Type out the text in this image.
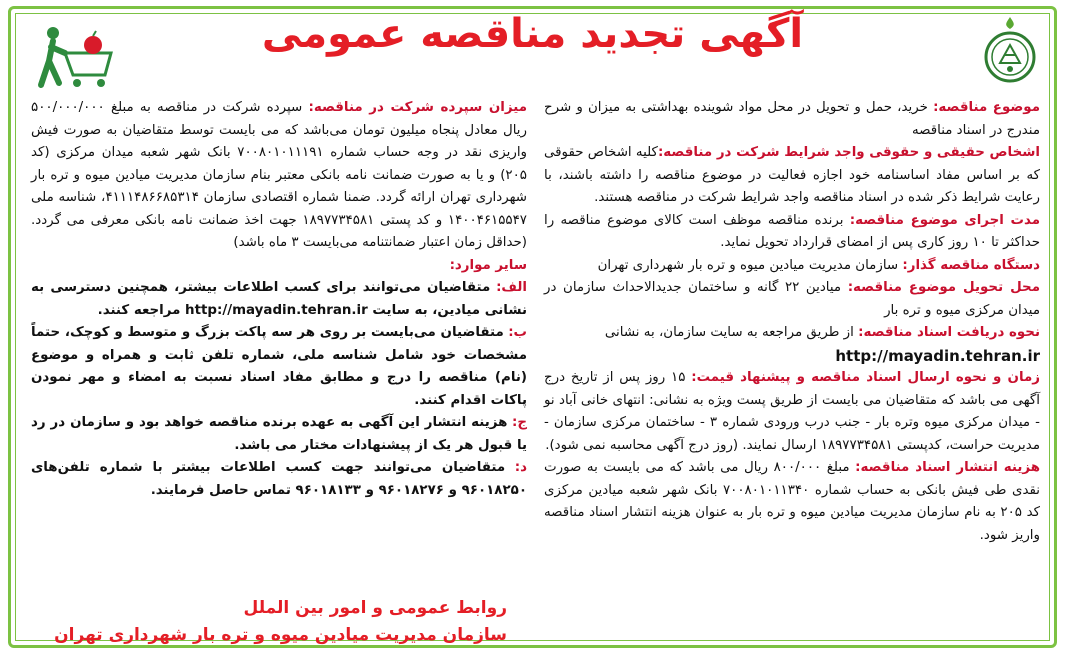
آگهی تجدید مناقصه عمومی

موضوع مناقصه: خرید، حمل و تحویل در محل مواد شوینده بهداشتی به میزان و شرح مندرج در اسناد مناقصه

اشخاص حقیقی و حقوقی واجد شرایط شرکت در مناقصه:کلیه اشخاص حقوقی که بر اساس مفاد اساسنامه خود اجازه فعالیت در موضوع مناقصه را داشته باشند، با رعایت شرایط ذکر شده در اسناد مناقصه واجد شرایط شرکت در مناقصه هستند.

مدت اجرای موضوع مناقصه: برنده مناقصه موظف است کالای موضوع مناقصه را حداکثر تا ۱۰ روز کاری پس از امضای قرارداد تحویل نماید.

دستگاه مناقصه گذار: سازمان مدیریت میادین میوه و تره بار شهرداری تهران

محل تحویل موضوع مناقصه: میادین ۲۲ گانه و ساختمان جدیدالاحداث سازمان در میدان مرکزی میوه و تره بار

نحوه دریافت اسناد مناقصه: از طریق مراجعه به سایت سازمان، به نشانی

http://mayadin.tehran.ir

زمان و نحوه ارسال اسناد مناقصه و پیشنهاد قیمت: ۱۵ روز پس از تاریخ درج آگهی می باشد که متقاضیان می بایست از طریق پست ویژه به نشانی: انتهای خانی آباد نو - میدان مرکزی میوه وتره بار - جنب درب ورودی شماره ۳ - ساختمان مرکزی سازمان - مدیریت حراست، کدپستی ۱۸۹۷۷۳۴۵۸۱ ارسال نمایند. (روز درج آگهی محاسبه نمی شود).

هزینه انتشار اسناد مناقصه: مبلغ ۸۰۰/۰۰۰ ریال می باشد که می بایست به صورت نقدی طی فیش بانکی به حساب شماره ۷۰۰۸۰۱۰۱۱۳۴۰ بانک شهر شعبه میادین مرکزی کد ۲۰۵ به نام سازمان مدیریت میادین میوه و تره بار به عنوان هزینه انتشار اسناد مناقصه واریز شود.

میزان سپرده شرکت در مناقصه: سپرده شرکت در مناقصه به مبلغ ۵۰۰/۰۰۰/۰۰۰ ریال معادل پنجاه میلیون تومان می‌باشد که می بایست توسط متقاضیان به صورت فیش واریزی نقد در وجه حساب شماره ۷۰۰۸۰۱۰۱۱۱۹۱ بانک شهر شعبه میدان مرکزی (کد ۲۰۵) و یا به صورت ضمانت نامه بانکی معتبر بنام سازمان مدیریت میادین میوه و تره بار شهرداری تهران ارائه گردد. ضمنا شماره اقتصادی سازمان ۴۱۱۱۴۸۶۶۸۵۳۱۴، شناسه ملی ۱۴۰۰۴۶۱۵۵۴۷ و کد پستی ۱۸۹۷۷۳۴۵۸۱ جهت اخذ ضمانت نامه بانکی معرفی می گردد. (حداقل زمان اعتبار ضمانتنامه می‌بایست ۳ ماه باشد)

سایر موارد:

الف: متقاضیان می‌توانند برای کسب اطلاعات بیشتر، همچنین دسترسی به نشانی میادین، به سایت http://mayadin.tehran.ir مراجعه کنند.

ب: متقاضیان می‌بایست بر روی هر سه پاکت بزرگ و متوسط و کوچک، حتماً مشخصات خود شامل شناسه ملی، شماره تلفن ثابت و همراه و موضوع (نام) مناقصه را درج و مطابق مفاد اسناد نسبت به امضاء و مهر نمودن پاکات اقدام کنند.

ج: هزینه انتشار این آگهی به عهده برنده مناقصه خواهد بود و سازمان در رد یا قبول هر یک از پیشنهادات مختار می باشد.

د: متقاضیان می‌توانند جهت کسب اطلاعات بیشتر با شماره تلفن‌های ۹۶۰۱۸۲۵۰ و ۹۶۰۱۸۲۷۶ و ۹۶۰۱۸۱۳۳ تماس حاصل فرمایند.

روابط عمومی و امور بین الملل
سازمان مدیریت میادین میوه و تره بار شهرداری تهران
